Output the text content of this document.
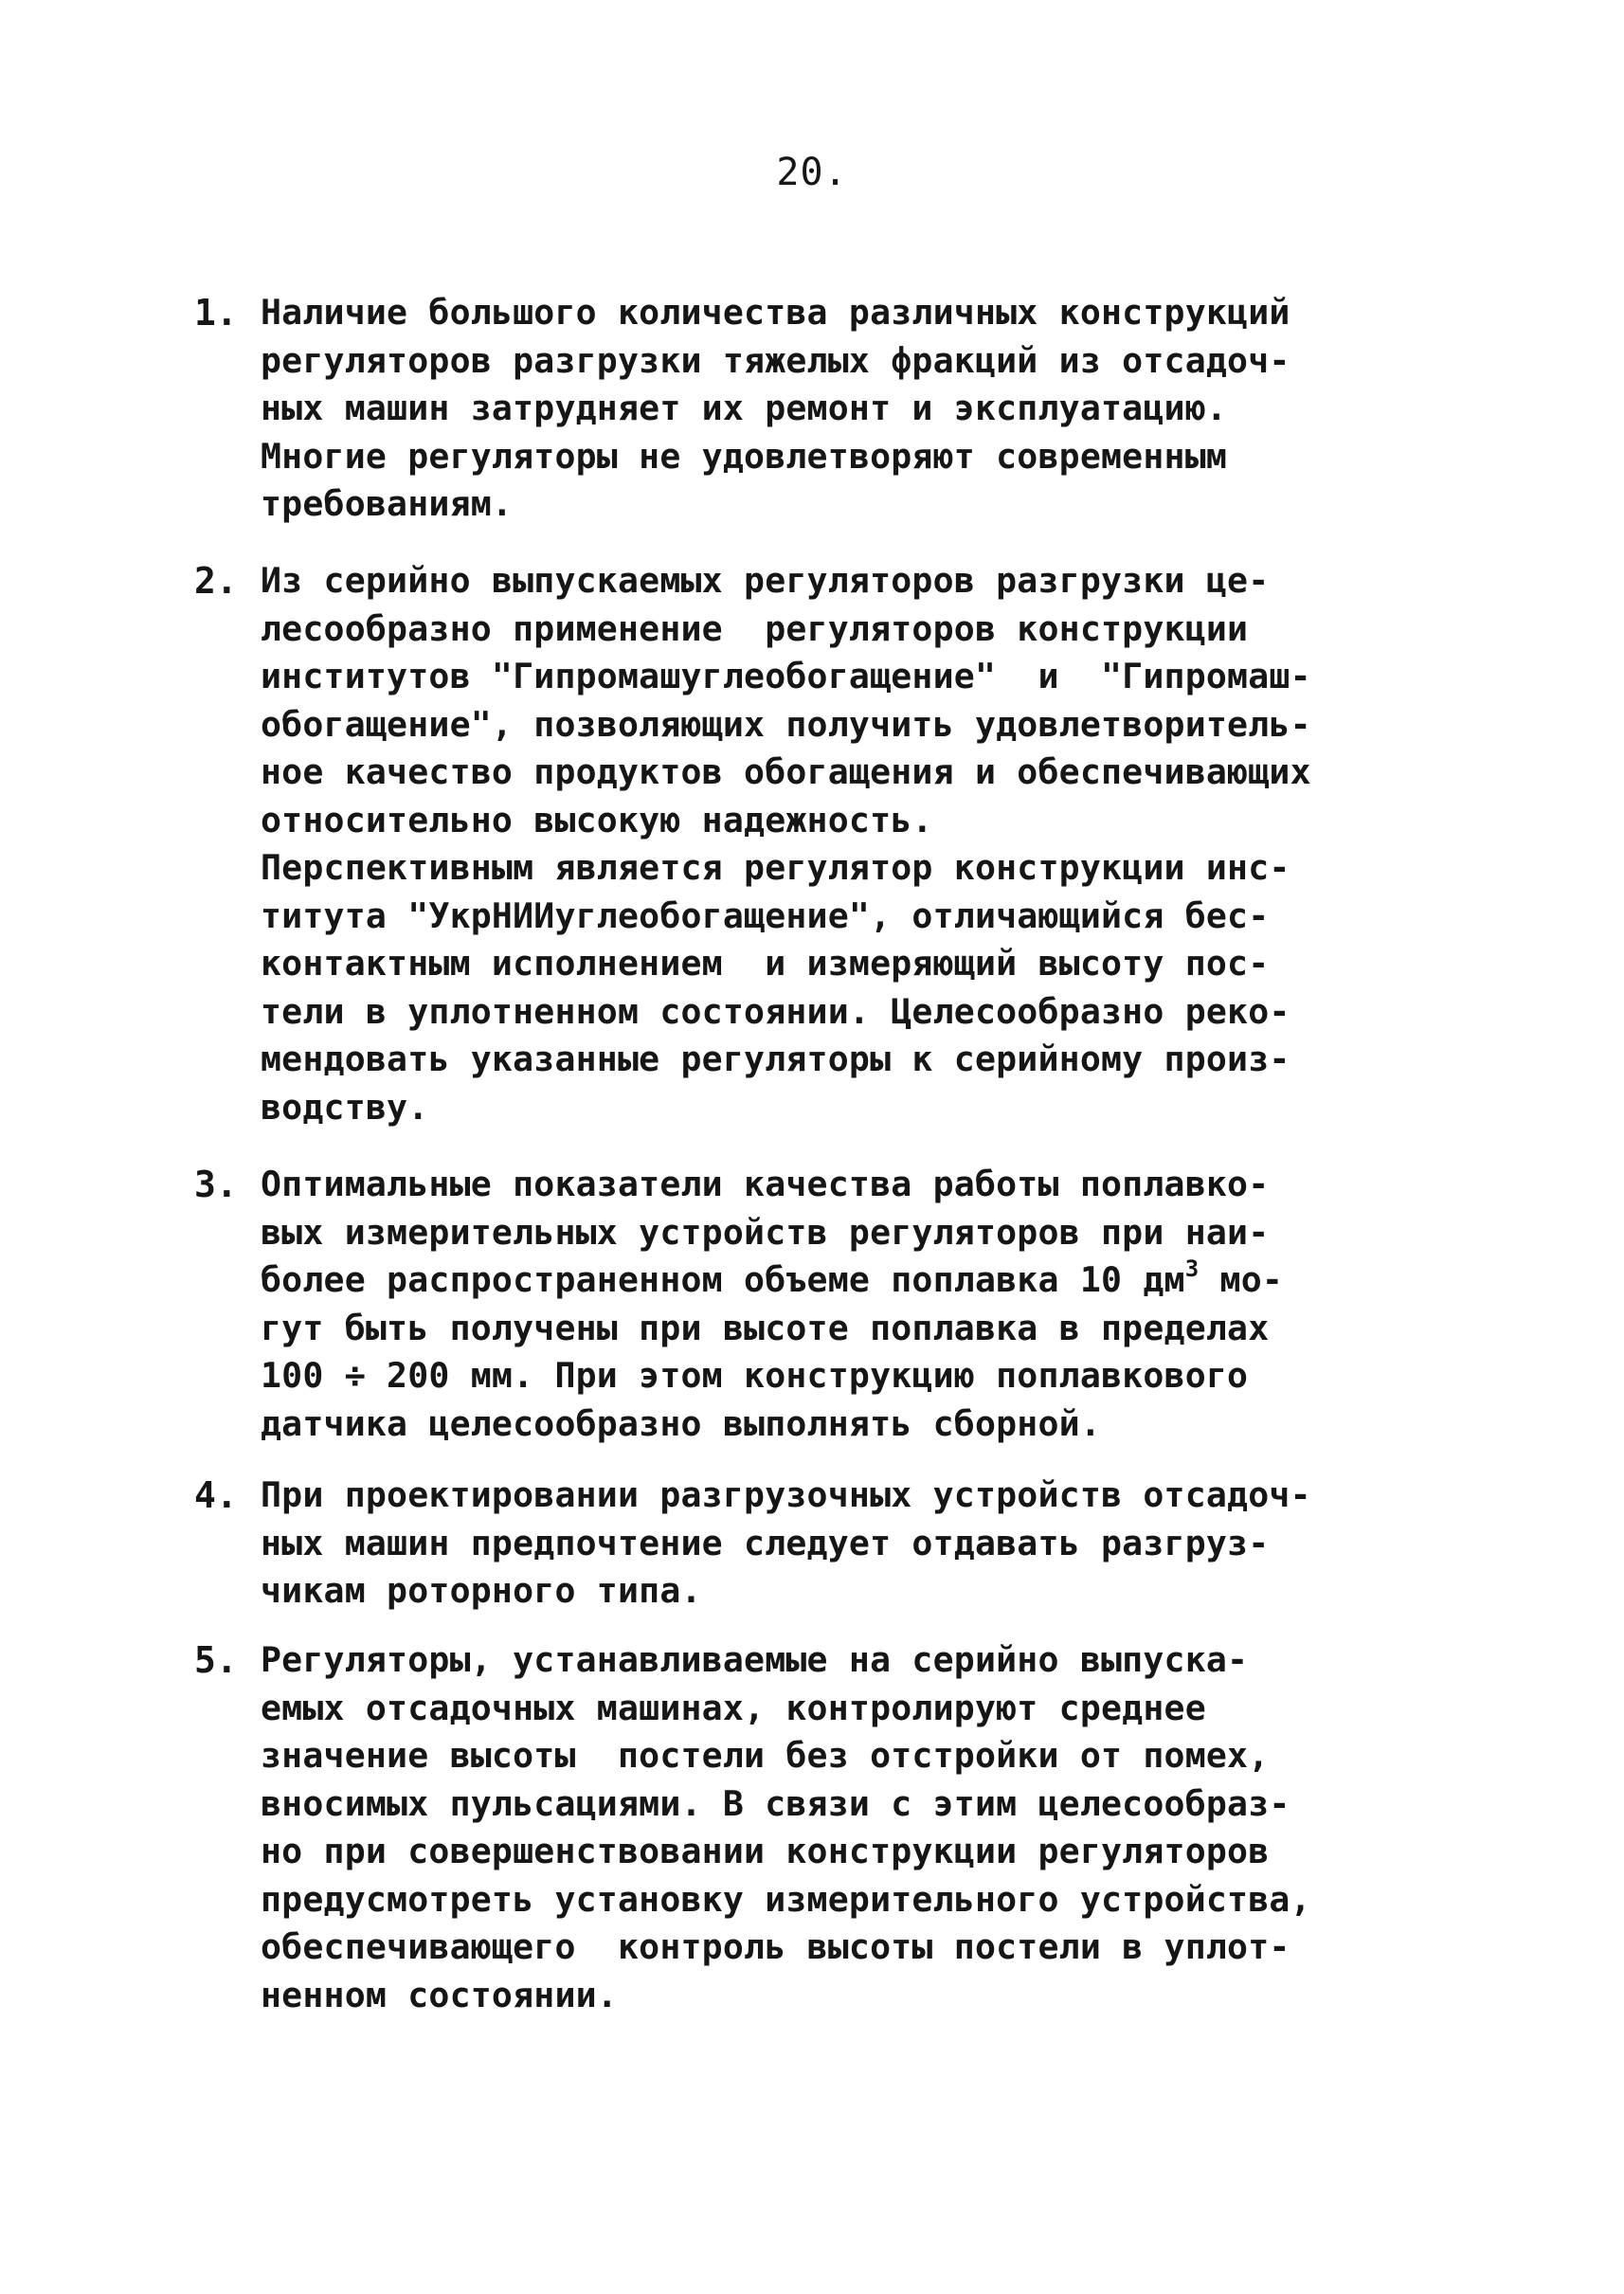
20.
1. Наличие большого количества различных конструкций
регуляторов разгрузки тяжелых фракций из отсадоч-
ных машин затрудняет их ремонт и эксплуатацию.
Многие регуляторы не удовлетворяют современным
требованиям.
2. Из серийно выпускаемых регуляторов разгрузки це-
лесообразно применение  регуляторов конструкции
институтов "Гипромашуглеобогащение"  и  "Гипромаш-
обогащение", позволяющих получить удовлетворитель-
ное качество продуктов обогащения и обеспечивающих
относительно высокую надежность.
Перспективным является регулятор конструкции инс-
титута "УкрНИИуглеобогащение", отличающийся бес-
контактным исполнением  и измеряющий высоту пос-
тели в уплотненном состоянии. Целесообразно реко-
мендовать указанные регуляторы к серийному произ-
водству.
3. Оптимальные показатели качества работы поплавко-
вых измерительных устройств регуляторов при наи-
более распространенном объеме поплавка 10 $дм^3$ мо-
гут быть получены при высоте поплавка в пределах
100 ÷ 200 мм. При этом конструкцию поплавкового
датчика целесообразно выполнять сборной.
4. При проектировании разгрузочных устройств отсадоч-
ных машин предпочтение следует отдавать разгруз-
чикам роторного типа.
5. Регуляторы, устанавливаемые на серийно выпуска-
емых отсадочных машинах, контролируют среднее
значение высоты  постели без отстройки от помех,
вносимых пульсациями. В связи с этим целесообраз-
но при совершенствовании конструкции регуляторов
предусмотреть установку измерительного устройства,
обеспечивающего  контроль высоты постели в уплот-
ненном состоянии.
